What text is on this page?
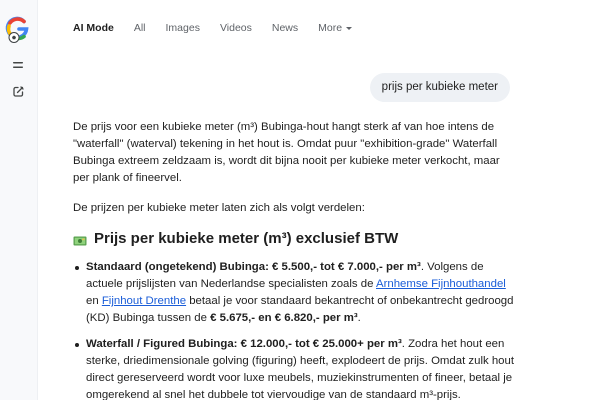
AI Mode All Images Videos News More
prijs per kubieke meter

De prijs voor een kubieke meter (m³) Bubinga-hout hangt sterk af van hoe intens de "waterfall" (waterval) tekening in het hout is. Omdat puur "exhibition-grade" Waterfall Bubinga extreem zeldzaam is, wordt dit bijna nooit per kubieke meter verkocht, maar per plank of fineervel.

De prijzen per kubieke meter laten zich als volgt verdelen:

Prijs per kubieke meter (m³) exclusief BTW
Standaard (ongetekend) Bubinga: € 5.500,- tot € 7.000,- per m³. Volgens de actuele prijslijsten van Nederlandse specialisten zoals de Arnhemse Fijnhouthandel en Fijnhout Drenthe betaal je voor standaard bekantrecht of onbekantrecht gedroogd (KD) Bubinga tussen de € 5.675,- en € 6.820,- per m³.
Waterfall / Figured Bubinga: € 12.000,- tot € 25.000+ per m³. Zodra het hout een sterke, driedimensionale golving (figuring) heeft, explodeert de prijs. Omdat zulk hout direct gereserveerd wordt voor luxe meubels, muziekinstrumenten of fineer, betaal je omgerekend al snel het dubbele tot viervoudige van de standaard m³-prijs.
